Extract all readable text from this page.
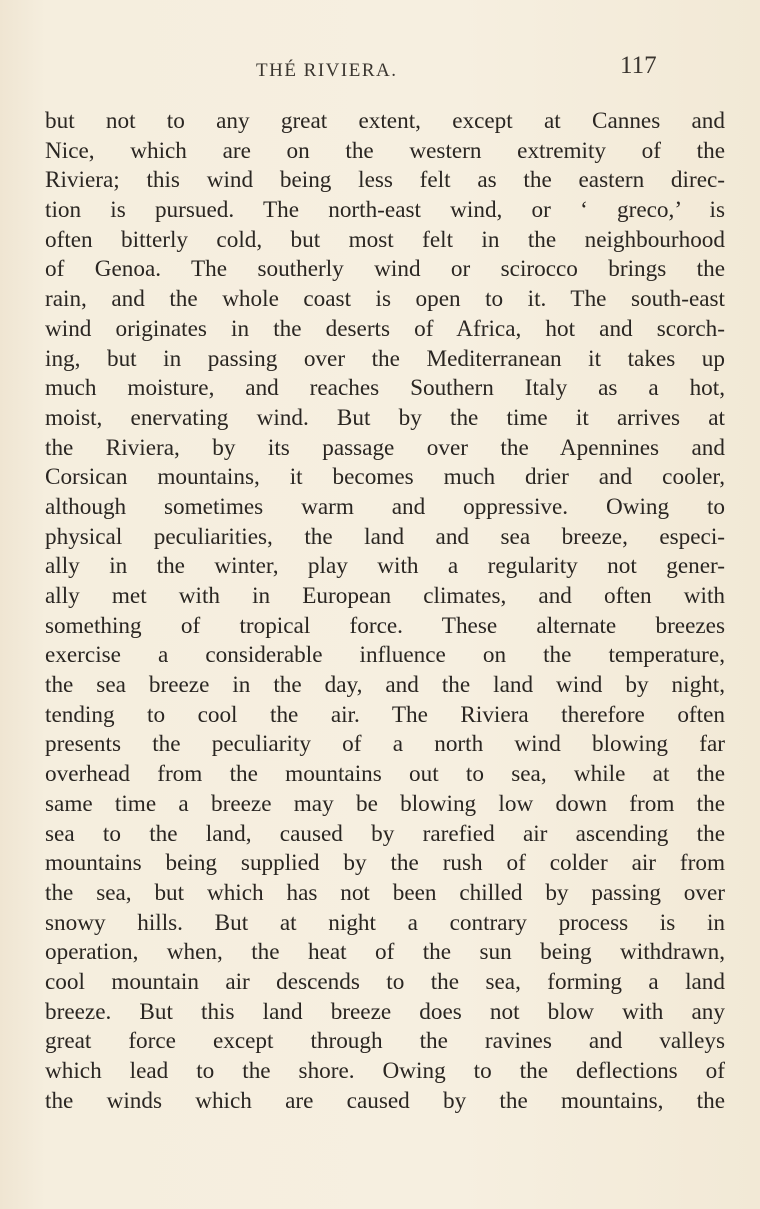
THÉ RIVIERA.	117
but not to any great extent, except at Cannes and
Nice, which are on the western extremity of the
Riviera; this wind being less felt as the eastern direc-
tion is pursued. The north-east wind, or ‘ greco,’ is
often bitterly cold, but most felt in the neighbourhood
of Genoa. The southerly wind or scirocco brings the
rain, and the whole coast is open to it. The south-east
wind originates in the deserts of Africa, hot and scorch-
ing, but in passing over the Mediterranean it takes up
much moisture, and reaches Southern Italy as a hot,
moist, enervating wind. But by the time it arrives at
the Riviera, by its passage over the Apennines and
Corsican mountains, it becomes much drier and cooler,
although sometimes warm and oppressive. Owing to
physical peculiarities, the land and sea breeze, especi-
ally in the winter, play with a regularity not gener-
ally met with in European climates, and often with
something of tropical force. These alternate breezes
exercise a considerable influence on the temperature,
the sea breeze in the day, and the land wind by night,
tending to cool the air. The Riviera therefore often
presents the peculiarity of a north wind blowing far
overhead from the mountains out to sea, while at the
same time a breeze may be blowing low down from the
sea to the land, caused by rarefied air ascending the
mountains being supplied by the rush of colder air from
the sea, but which has not been chilled by passing over
snowy hills. But at night a contrary process is in
operation, when, the heat of the sun being withdrawn,
cool mountain air descends to the sea, forming a land
breeze. But this land breeze does not blow with any
great force except through the ravines and valleys
which lead to the shore. Owing to the deflections of
the winds which are caused by the mountains, the
